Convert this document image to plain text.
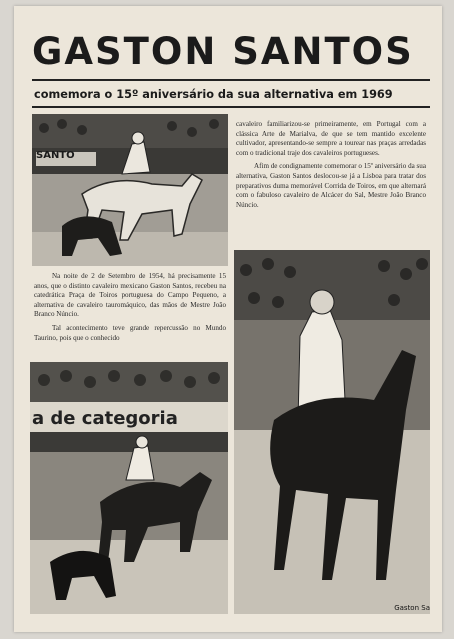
GASTON SANTOS
comemora o 15º aniversário da sua alternativa em 1969
SANTO

cavaleiro familiarizou-se primeiramente, em Portugal com a clássica Arte de Marialva, de que se tem mantido excelente cultivador, apresentando-se sempre a tourear nas praças arredadas com o tradicional traje dos cavaleiros portugueses.

Afim de condignamente comemorar o 15º aniversário da sua alternativa, Gaston Santos deslocou-se já a Lisboa para tratar dos preparativos duma memorável Corrida de Toiros, em que alternará com o fabuloso cavaleiro de Alcácer do Sal, Mestre João Branco Núncio.

Na noite de 2 de Setembro de 1954, há precisamente 15 anos, que o distinto cavaleiro mexicano Gaston Santos, recebeu na catedrática Praça de Toiros portuguesa do Campo Pequeno, a alternativa de cavaleiro tauromáquico, das mãos de Mestre João Branco Núncio.

Tal acontecimento teve grande repercussão no Mundo Taurino, pois que o conhecido

a de categoria
Gaston Sa
